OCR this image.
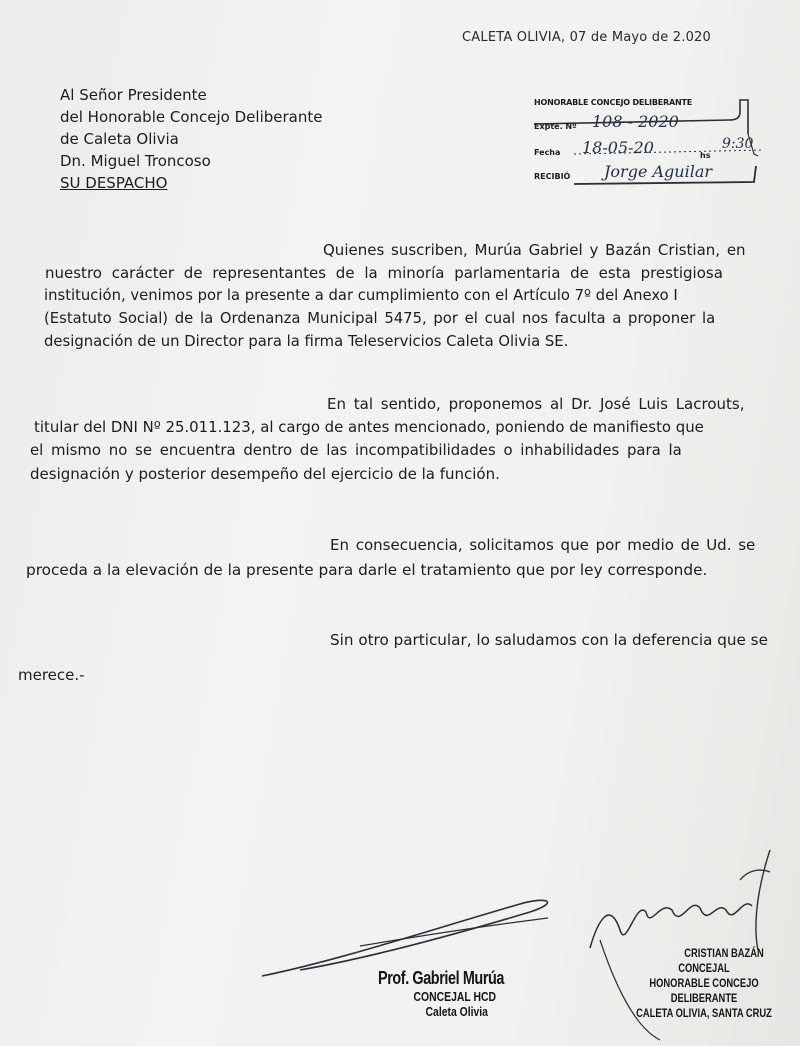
CALETA OLIVIA, 07 de Mayo de 2.020
Al Señor Presidente
del Honorable Concejo Deliberante
de Caleta Olivia
Dn. Miguel Troncoso
SU DESPACHO
HONORABLE CONCEJO DELIBERANTE
Expte. Nº 108 - 2020
Fecha 18-05-20	hs
9:30
RECIBIÓ Jorge Aguilar
Quienes suscriben, Murúa Gabriel y Bazán Cristian, en
nuestro carácter de representantes de la minoría parlamentaria de esta prestigiosa
institución, venimos por la presente a dar cumplimiento con el Artículo 7º del Anexo I
(Estatuto Social) de la Ordenanza Municipal 5475, por el cual nos faculta a proponer la
designación de un Director para la firma Teleservicios Caleta Olivia SE.
En tal sentido, proponemos al Dr. José Luis Lacrouts,
titular del DNI Nº 25.011.123, al cargo de antes mencionado, poniendo de manifiesto que
el mismo no se encuentra dentro de las incompatibilidades o inhabilidades para la
designación y posterior desempeño del ejercicio de la función.
En consecuencia, solicitamos que por medio de Ud. se
proceda a la elevación de la presente para darle el tratamiento que por ley corresponde.
Sin otro particular, lo saludamos con la deferencia que se
merece.-
Prof. Gabriel Murúa
CONCEJAL HCD
Caleta Olivia
CRISTIAN BAZÁN
CONCEJAL
HONORABLE CONCEJO DELIBERANTE
CALETA OLIVIA, SANTA CRUZ
